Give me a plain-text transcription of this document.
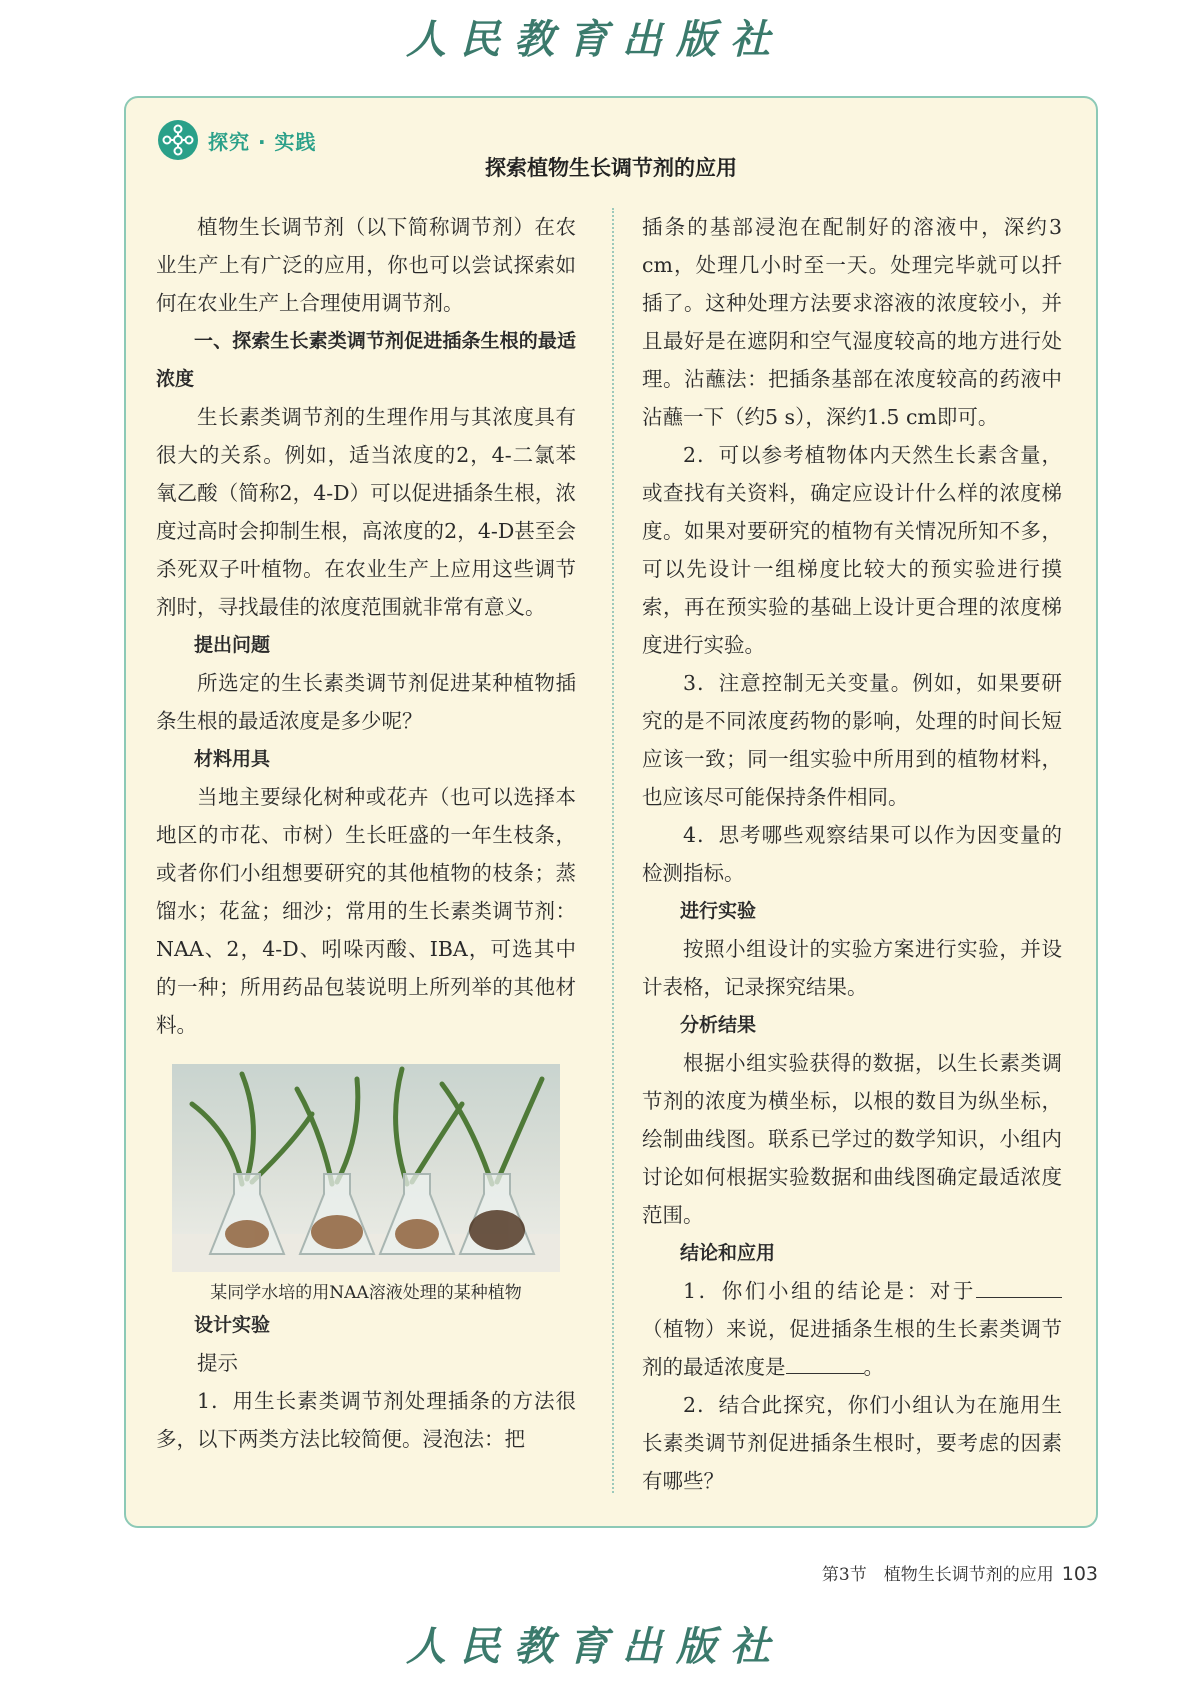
人民教育出版社
探究 · 实践
探索植物生长调节剂的应用

植物生长调节剂（以下简称调节剂）在农业生产上有广泛的应用，你也可以尝试探索如何在农业生产上合理使用调节剂。

一、探索生长素类调节剂促进插条生根的最适浓度

生长素类调节剂的生理作用与其浓度具有很大的关系。例如，适当浓度的2，4-二氯苯氧乙酸（简称2，4-D）可以促进插条生根，浓度过高时会抑制生根，高浓度的2，4-D甚至会杀死双子叶植物。在农业生产上应用这些调节剂时，寻找最佳的浓度范围就非常有意义。

提出问题

所选定的生长素类调节剂促进某种植物插条生根的最适浓度是多少呢？

材料用具

当地主要绿化树种或花卉（也可以选择本地区的市花、市树）生长旺盛的一年生枝条，或者你们小组想要研究的其他植物的枝条；蒸馏水；花盆；细沙；常用的生长素类调节剂：NAA、2，4-D、吲哚丙酸、IBA，可选其中的一种；所用药品包装说明上所列举的其他材料。

某同学水培的用NAA溶液处理的某种植物

设计实验

提示

1．用生长素类调节剂处理插条的方法很多，以下两类方法比较简便。浸泡法：把

插条的基部浸泡在配制好的溶液中，深约3 cm，处理几小时至一天。处理完毕就可以扦插了。这种处理方法要求溶液的浓度较小，并且最好是在遮阴和空气湿度较高的地方进行处理。沾蘸法：把插条基部在浓度较高的药液中沾蘸一下（约5 s），深约1.5 cm即可。

2．可以参考植物体内天然生长素含量，或查找有关资料，确定应设计什么样的浓度梯度。如果对要研究的植物有关情况所知不多，可以先设计一组梯度比较大的预实验进行摸索，再在预实验的基础上设计更合理的浓度梯度进行实验。

3．注意控制无关变量。例如，如果要研究的是不同浓度药物的影响，处理的时间长短应该一致；同一组实验中所用到的植物材料，也应该尽可能保持条件相同。

4．思考哪些观察结果可以作为因变量的检测指标。

进行实验

按照小组设计的实验方案进行实验，并设计表格，记录探究结果。

分析结果

根据小组实验获得的数据，以生长素类调节剂的浓度为横坐标，以根的数目为纵坐标，绘制曲线图。联系已学过的数学知识，小组内讨论如何根据实验数据和曲线图确定最适浓度范围。

结论和应用

1．你们小组的结论是：对于（植物）来说，促进插条生根的生长素类调节剂的最适浓度是	。

2．结合此探究，你们小组认为在施用生长素类调节剂促进插条生根时，要考虑的因素有哪些？

第3节　植物生长调节剂的应用 103
人民教育出版社
